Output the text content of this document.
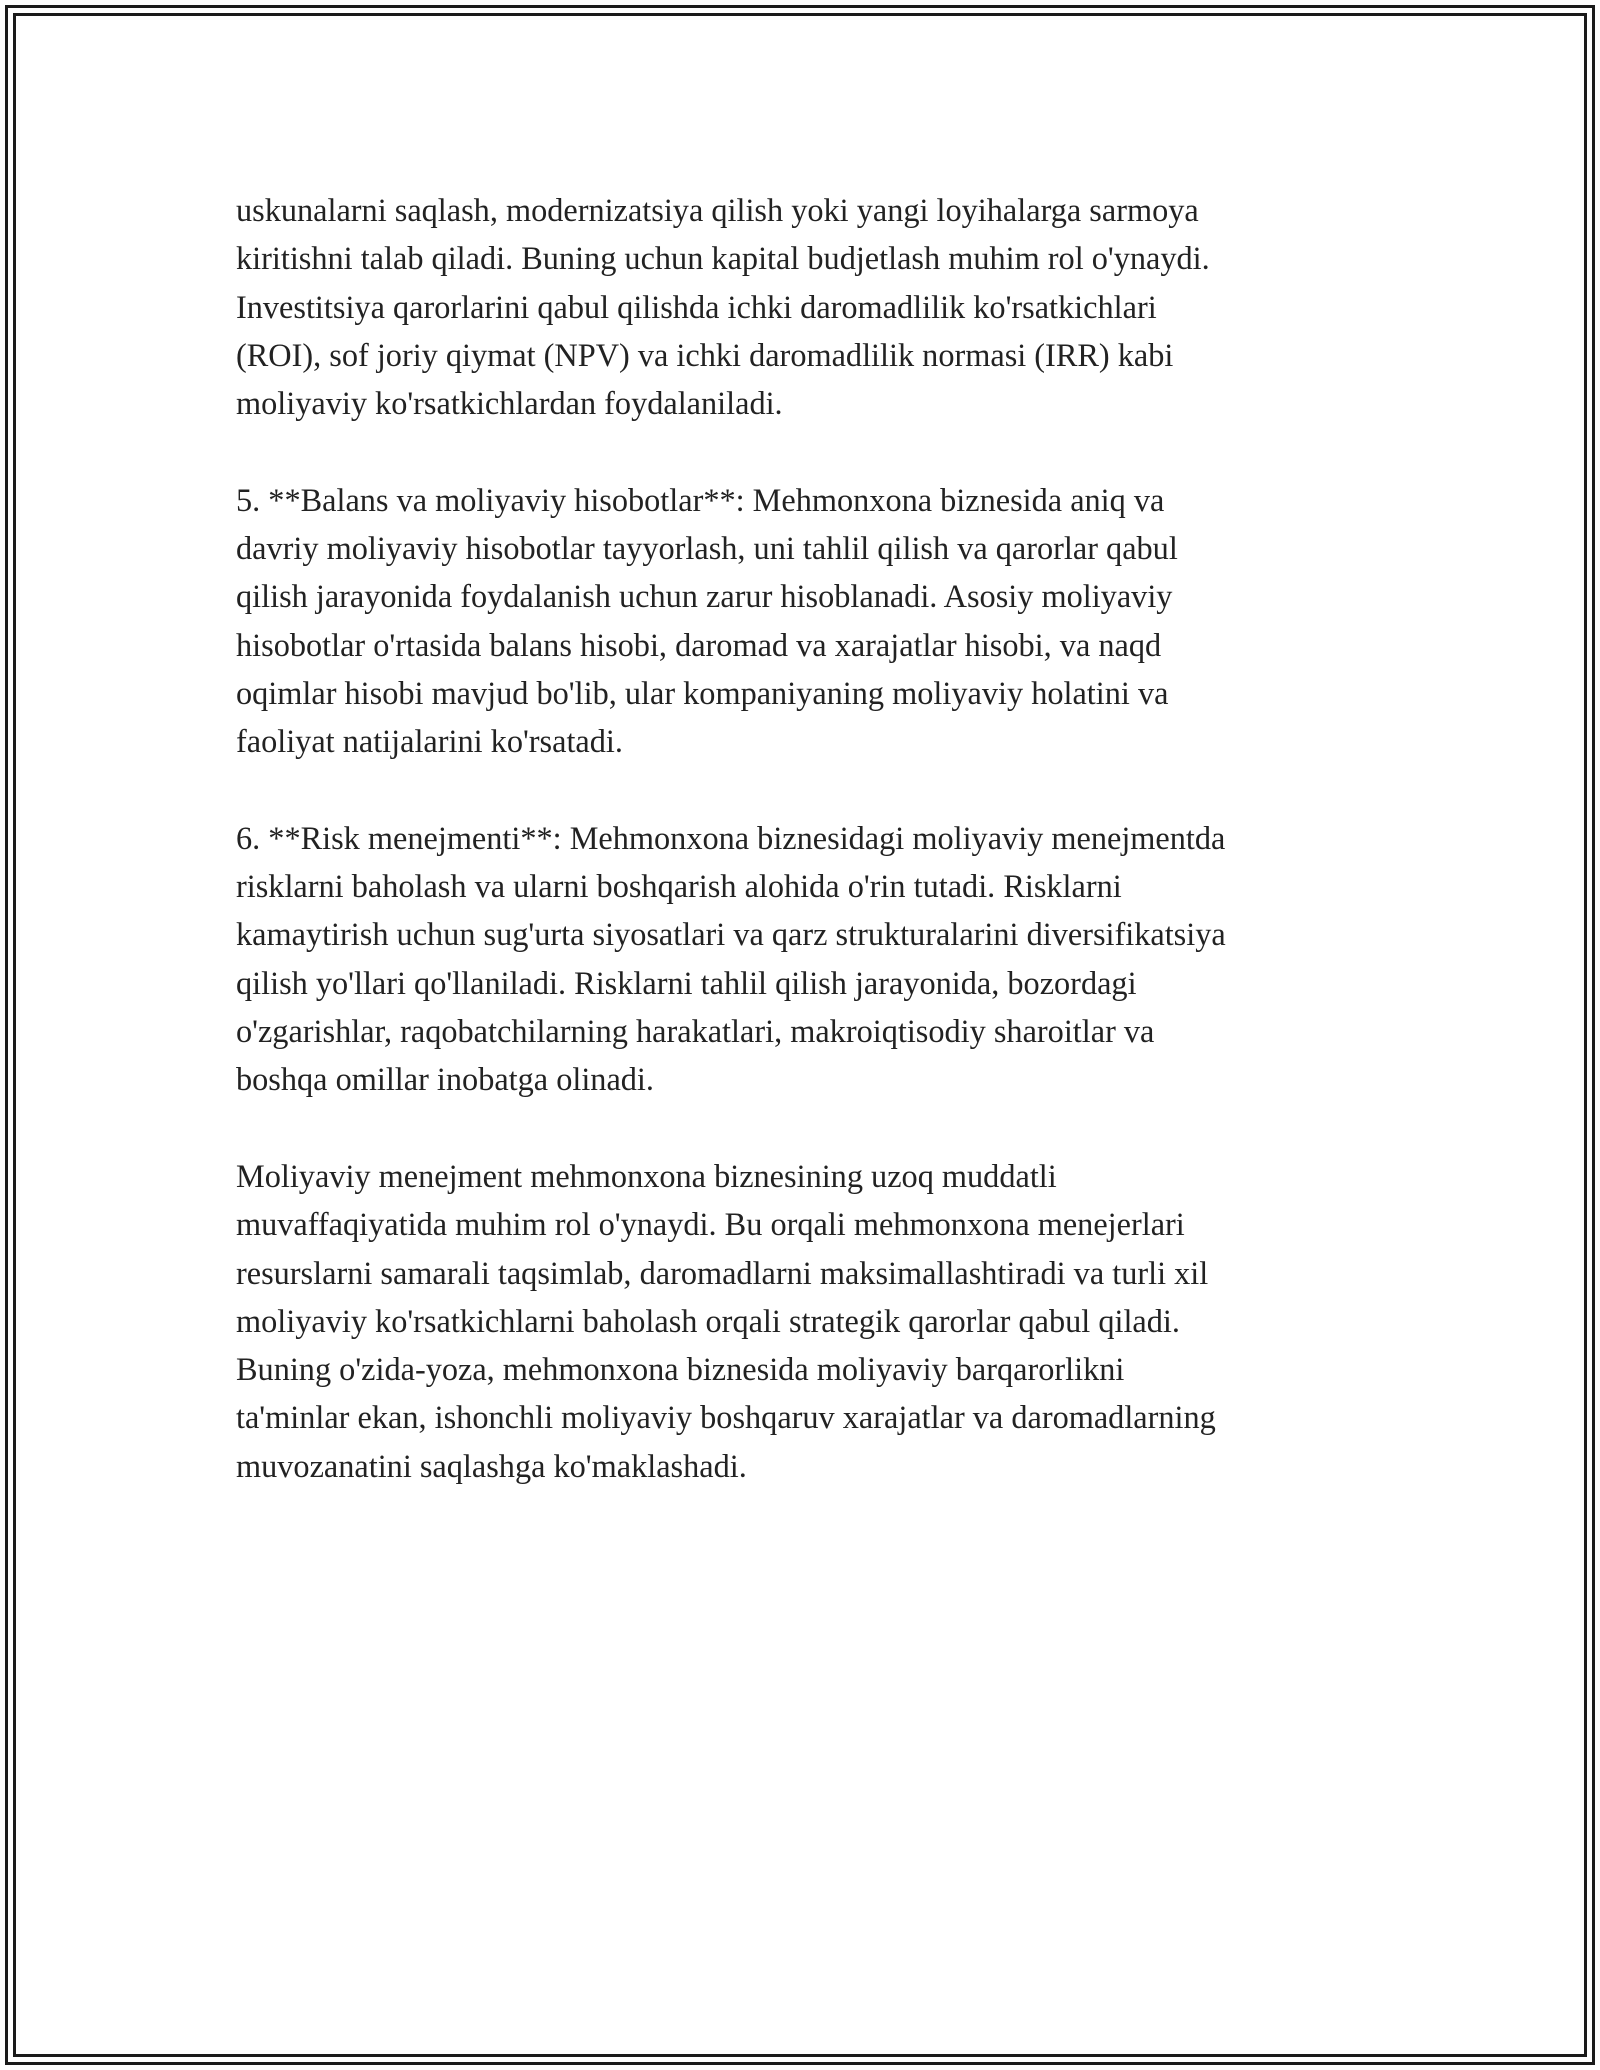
uskunalarni saqlash, modernizatsiya qilish yoki yangi loyihalarga sarmoya
kiritishni talab qiladi. Buning uchun kapital budjetlash muhim rol o'ynaydi.
Investitsiya qarorlarini qabul qilishda ichki daromadlilik ko'rsatkichlari
(ROI), sof joriy qiymat (NPV) va ichki daromadlilik normasi (IRR) kabi
moliyaviy ko'rsatkichlardan foydalaniladi.

5. **Balans va moliyaviy hisobotlar**: Mehmonxona biznesida aniq va
davriy moliyaviy hisobotlar tayyorlash, uni tahlil qilish va qarorlar qabul
qilish jarayonida foydalanish uchun zarur hisoblanadi. Asosiy moliyaviy
hisobotlar o'rtasida balans hisobi, daromad va xarajatlar hisobi, va naqd
oqimlar hisobi mavjud bo'lib, ular kompaniyaning moliyaviy holatini va
faoliyat natijalarini ko'rsatadi.

6. **Risk menejmenti**: Mehmonxona biznesidagi moliyaviy menejmentda
risklarni baholash va ularni boshqarish alohida o'rin tutadi. Risklarni
kamaytirish uchun sug'urta siyosatlari va qarz strukturalarini diversifikatsiya
qilish yo'llari qo'llaniladi. Risklarni tahlil qilish jarayonida, bozordagi
o'zgarishlar, raqobatchilarning harakatlari, makroiqtisodiy sharoitlar va
boshqa omillar inobatga olinadi.

Moliyaviy menejment mehmonxona biznesining uzoq muddatli
muvaffaqiyatida muhim rol o'ynaydi. Bu orqali mehmonxona menejerlari
resurslarni samarali taqsimlab, daromadlarni maksimallashtiradi va turli xil
moliyaviy ko'rsatkichlarni baholash orqali strategik qarorlar qabul qiladi.
Buning o'zida-yoza, mehmonxona biznesida moliyaviy barqarorlikni
ta'minlar ekan, ishonchli moliyaviy boshqaruv xarajatlar va daromadlarning
muvozanatini saqlashga ko'maklashadi.
